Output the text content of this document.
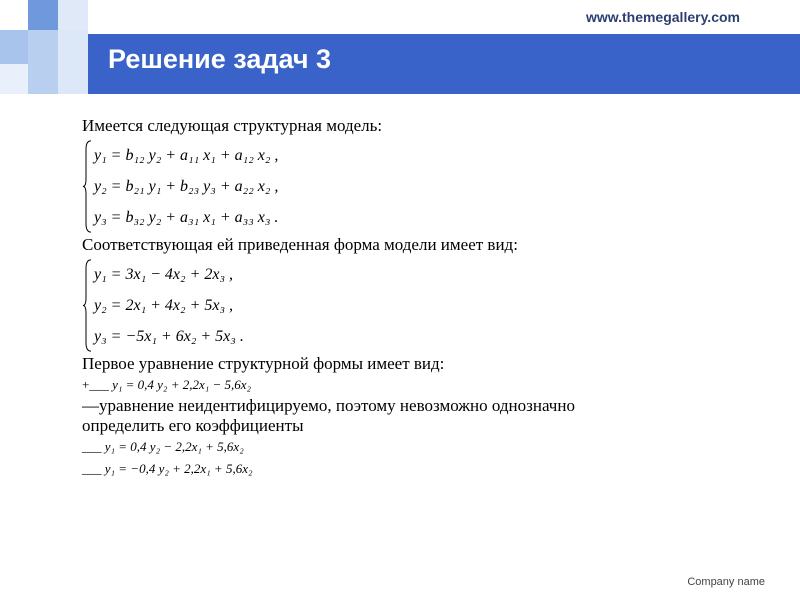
Решение задач 3
www.themegallery.com
Имеется следующая структурная модель:
y₁ = b₁₂ y₂ + a₁₁ x₁ + a₁₂ x₂ ,
y₂ = b₂₁ y₁ + b₂₃ y₃ + a₂₂ x₂ ,
y₃ = b₃₂ y₂ + a₃₁ x₁ + a₃₃ x₃ .
Соответствующая ей приведенная форма модели имеет вид:
y₁ = 3x₁ − 4x₂ + 2x₃ ,
y₂ = 2x₁ + 4x₂ + 5x₃ ,
y₃ = −5x₁ + 6x₂ + 5x₃ .
Первое уравнение структурной формы имеет вид:
+___ y₁ = 0,4 y₂ + 2,2x₁ − 5,6x₂
—уравнение неидентифицируемо, поэтому невозможно однозначно
определить его коэффициенты
___ y₁ = 0,4 y₂ − 2,2x₁ + 5,6x₂
___ y₁ = −0,4 y₂ + 2,2x₁ + 5,6x₂
Company name
